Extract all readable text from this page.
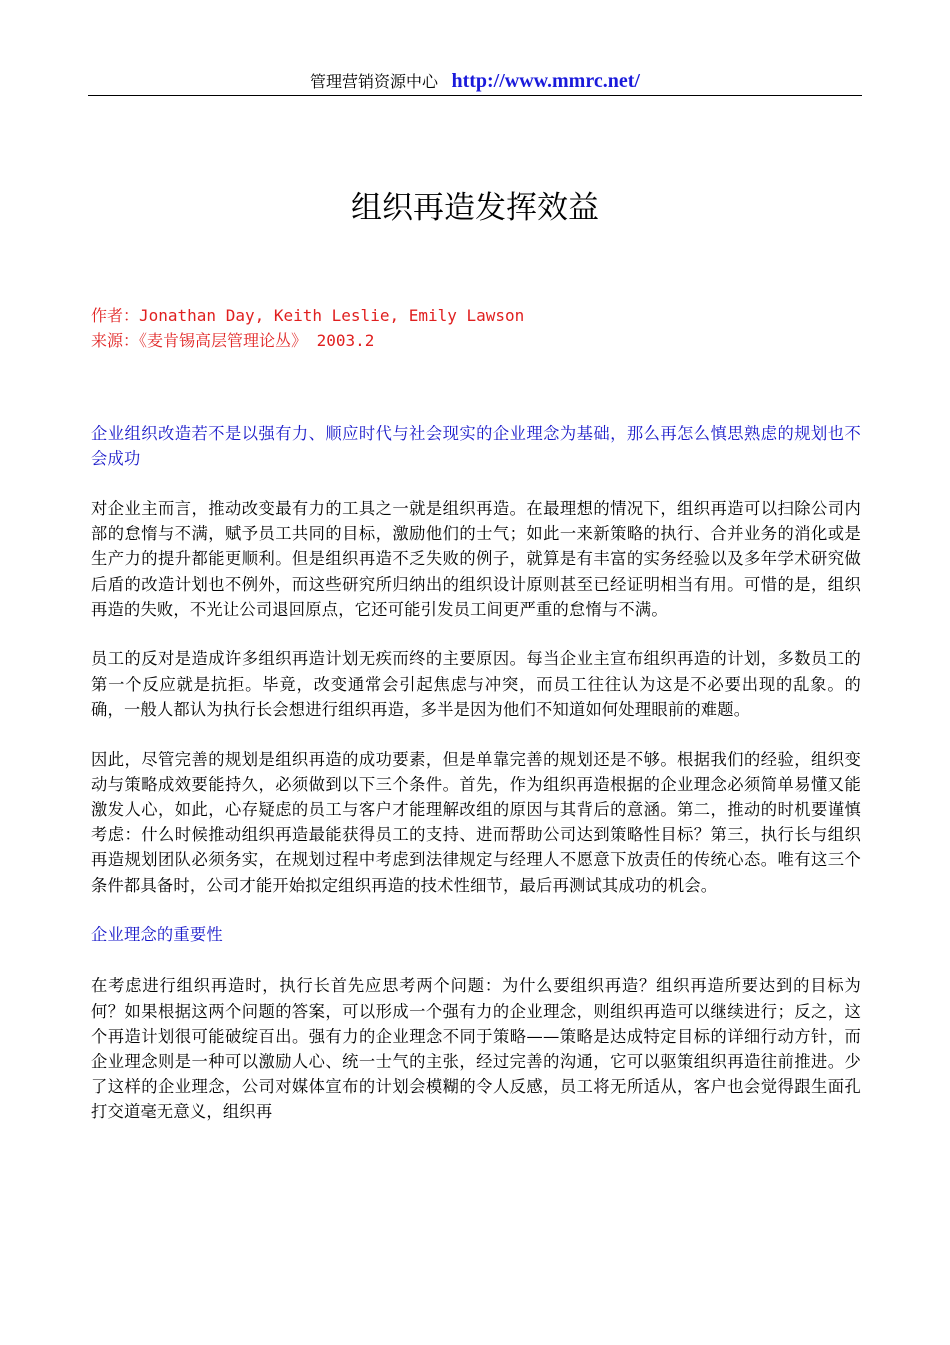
管理营销资源中心 http://www.mmrc.net/
组织再造发挥效益
作者：Jonathan Day, Keith Leslie, Emily Lawson
来源：《麦肯锡高层管理论丛》 2003.2

企业组织改造若不是以强有力、顺应时代与社会现实的企业理念为基础，那么再怎么慎思熟虑的规划也不会成功

对企业主而言，推动改变最有力的工具之一就是组织再造。在最理想的情况下，组织再造可以扫除公司内部的怠惰与不满，赋予员工共同的目标，激励他们的士气；如此一来新策略的执行、合并业务的消化或是生产力的提升都能更顺利。但是组织再造不乏失败的例子，就算是有丰富的实务经验以及多年学术研究做后盾的改造计划也不例外，而这些研究所归纳出的组织设计原则甚至已经证明相当有用。可惜的是，组织再造的失败，不光让公司退回原点，它还可能引发员工间更严重的怠惰与不满。

员工的反对是造成许多组织再造计划无疾而终的主要原因。每当企业主宣布组织再造的计划，多数员工的第一个反应就是抗拒。毕竟，改变通常会引起焦虑与冲突，而员工往往认为这是不必要出现的乱象。的确，一般人都认为执行长会想进行组织再造，多半是因为他们不知道如何处理眼前的难题。

因此，尽管完善的规划是组织再造的成功要素，但是单靠完善的规划还是不够。根据我们的经验，组织变动与策略成效要能持久，必须做到以下三个条件。首先，作为组织再造根据的企业理念必须简单易懂又能激发人心，如此，心存疑虑的员工与客户才能理解改组的原因与其背后的意涵。第二，推动的时机要谨慎考虑：什么时候推动组织再造最能获得员工的支持、进而帮助公司达到策略性目标？第三，执行长与组织再造规划团队必须务实，在规划过程中考虑到法律规定与经理人不愿意下放责任的传统心态。唯有这三个条件都具备时，公司才能开始拟定组织再造的技术性细节，最后再测试其成功的机会。

企业理念的重要性

在考虑进行组织再造时，执行长首先应思考两个问题：为什么要组织再造？组织再造所要达到的目标为何？如果根据这两个问题的答案，可以形成一个强有力的企业理念，则组织再造可以继续进行；反之，这个再造计划很可能破绽百出。强有力的企业理念不同于策略——策略是达成特定目标的详细行动方针，而企业理念则是一种可以激励人心、统一士气的主张，经过完善的沟通，它可以驱策组织再造往前推进。少了这样的企业理念，公司对媒体宣布的计划会模糊的令人反感，员工将无所适从，客户也会觉得跟生面孔打交道毫无意义，组织再
